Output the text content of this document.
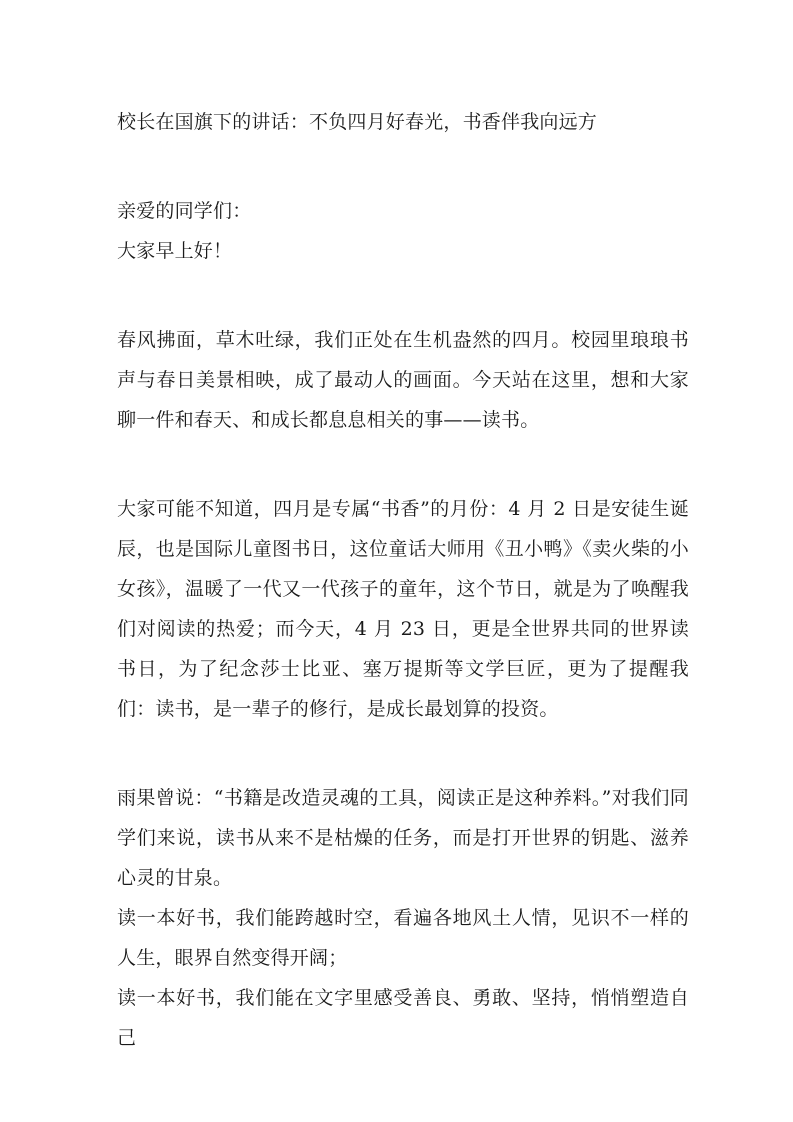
校长在国旗下的讲话：不负四月好春光，书香伴我向远方

亲爱的同学们：

大家早上好！

春风拂面，草木吐绿，我们正处在生机盎然的四月。校园里琅琅书声与春日美景相映，成了最动人的画面。今天站在这里，想和大家聊一件和春天、和成长都息息相关的事——读书。

大家可能不知道，四月是专属“书香”的月份：4 月 2 日是安徒生诞辰，也是国际儿童图书日，这位童话大师用《丑小鸭》《卖火柴的小女孩》，温暖了一代又一代孩子的童年，这个节日，就是为了唤醒我们对阅读的热爱；而今天，4 月 23 日，更是全世界共同的世界读书日，为了纪念莎士比亚、塞万提斯等文学巨匠，更为了提醒我们：读书，是一辈子的修行，是成长最划算的投资。

雨果曾说：“书籍是改造灵魂的工具，阅读正是这种养料。”对我们同学们来说，读书从来不是枯燥的任务，而是打开世界的钥匙、滋养心灵的甘泉。

读一本好书，我们能跨越时空，看遍各地风土人情，见识不一样的人生，眼界自然变得开阔；

读一本好书，我们能在文字里感受善良、勇敢、坚持，悄悄塑造自己
